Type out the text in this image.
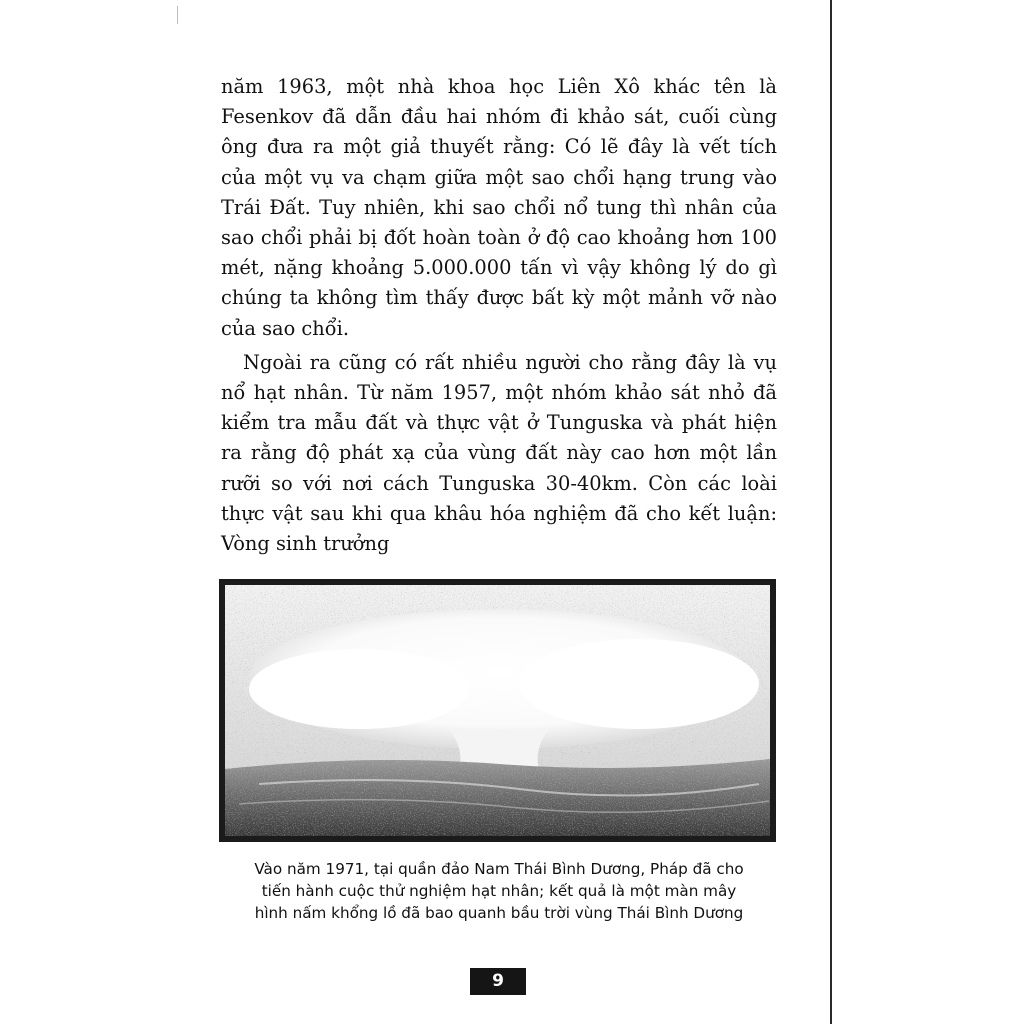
năm 1963, một nhà khoa học Liên Xô khác tên là Fesenkov đã dẫn đầu hai nhóm đi khảo sát, cuối cùng ông đưa ra một giả thuyết rằng: Có lẽ đây là vết tích của một vụ va chạm giữa một sao chổi hạng trung vào Trái Đất. Tuy nhiên, khi sao chổi nổ tung thì nhân của sao chổi phải bị đốt hoàn toàn ở độ cao khoảng hơn 100 mét, nặng khoảng 5.000.000 tấn vì vậy không lý do gì chúng ta không tìm thấy được bất kỳ một mảnh vỡ nào của sao chổi.

Ngoài ra cũng có rất nhiều người cho rằng đây là vụ nổ hạt nhân. Từ năm 1957, một nhóm khảo sát nhỏ đã kiểm tra mẫu đất và thực vật ở Tunguska và phát hiện ra rằng độ phát xạ của vùng đất này cao hơn một lần rưỡi so với nơi cách Tunguska 30-40km. Còn các loài thực vật sau khi qua khâu hóa nghiệm đã cho kết luận: Vòng sinh trưởng

Vào năm 1971, tại quần đảo Nam Thái Bình Dương, Pháp đã cho
tiến hành cuộc thử nghiệm hạt nhân; kết quả là một màn mây
hình nấm khổng lồ đã bao quanh bầu trời vùng Thái Bình Dương
9
